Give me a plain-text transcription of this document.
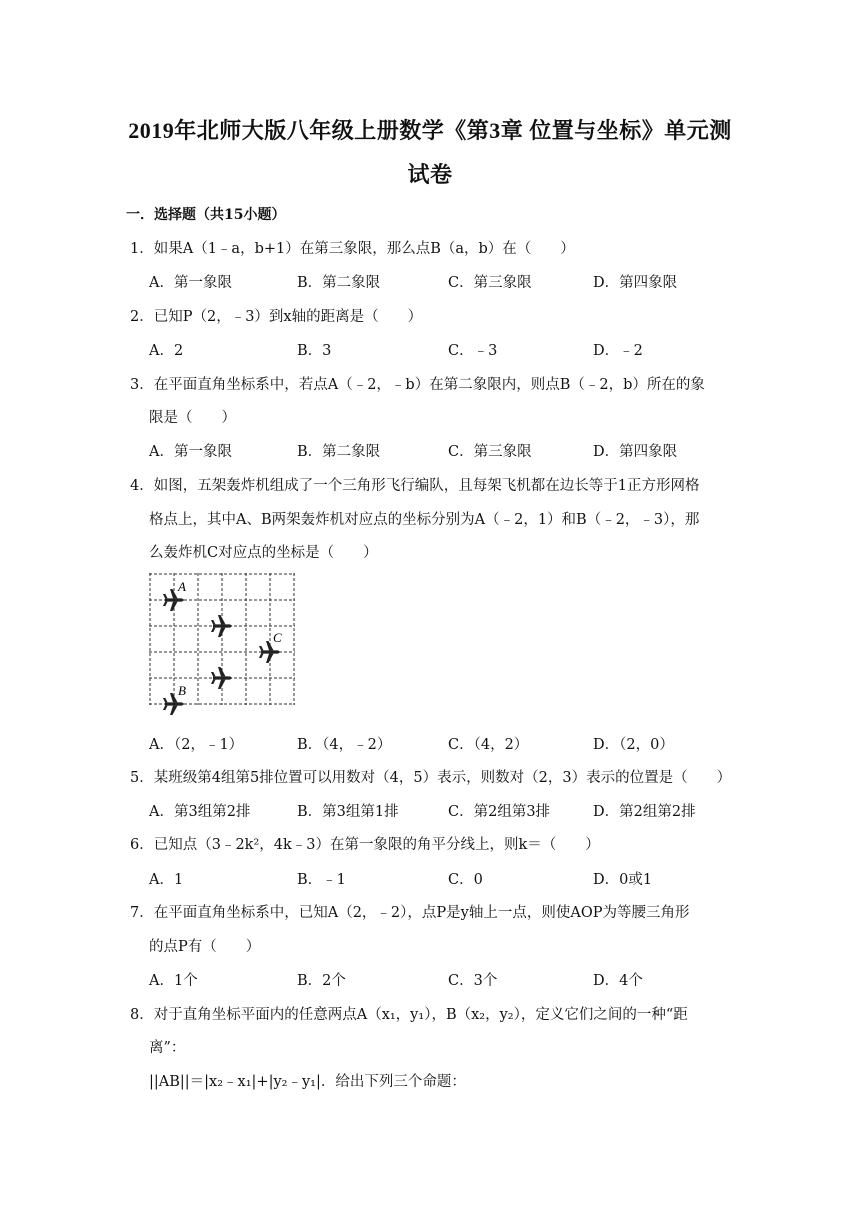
2019年北师大版八年级上册数学《第3章 位置与坐标》单元测
试卷
一．选择题（共15小题）
1．如果A（1﹣a，b+1）在第三象限，那么点B（a，b）在（　　）
A．第一象限	B．第二象限	C．第三象限	D．第四象限
2．已知P（2，﹣3）到x轴的距离是（　　）
A．2	B．3	C．﹣3	D．﹣2
3．在平面直角坐标系中，若点A（﹣2，﹣b）在第二象限内，则点B（﹣2，b）所在的象
限是（　　）
A．第一象限	B．第二象限	C．第三象限	D．第四象限
4．如图，五架轰炸机组成了一个三角形飞行编队，且每架飞机都在边长等于1正方形网格
格点上，其中A、B两架轰炸机对应点的坐标分别为A（﹣2，1）和B（﹣2，﹣3），那
么轰炸机C对应点的坐标是（　　）
A
C
B
A．（2，﹣1）	B．（4，﹣2）	C．（4，2）	D．（2，0）
5．某班级第4组第5排位置可以用数对（4，5）表示，则数对（2，3）表示的位置是（　　）
A．第3组第2排	B．第3组第1排	C．第2组第3排	D．第2组第2排
6．已知点（3﹣2k²，4k﹣3）在第一象限的角平分线上，则k＝（　　）
A．1	B．﹣1	C．0	D．0或1
7．在平面直角坐标系中，已知A（2，﹣2），点P是y轴上一点，则使AOP为等腰三角形
的点P有（　　）
A．1个	B．2个	C．3个	D．4个
8．对于直角坐标平面内的任意两点A（x₁，y₁），B（x₂，y₂），定义它们之间的一种“距
离”：
||AB||＝|x₂﹣x₁|+|y₂﹣y₁|．给出下列三个命题：
